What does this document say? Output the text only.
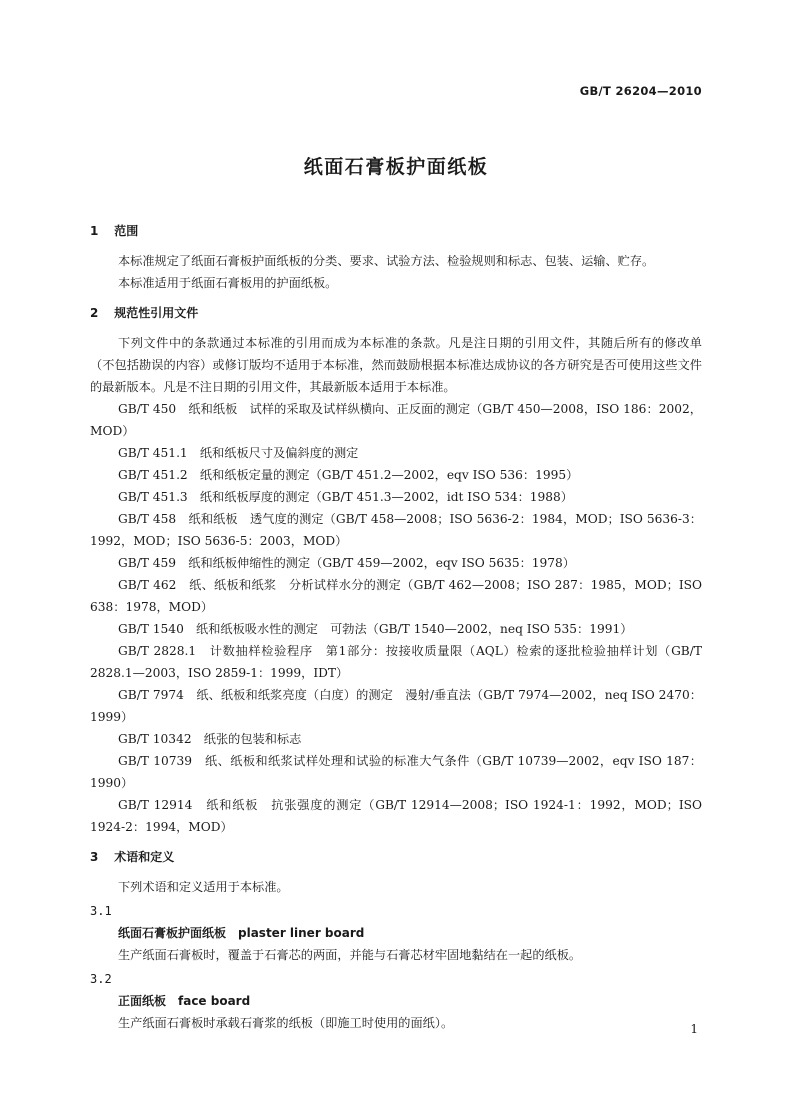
GB/T 26204—2010
纸面石膏板护面纸板
1 范围

本标准规定了纸面石膏板护面纸板的分类、要求、试验方法、检验规则和标志、包装、运输、贮存。

本标准适用于纸面石膏板用的护面纸板。

2 规范性引用文件

下列文件中的条款通过本标准的引用而成为本标准的条款。凡是注日期的引用文件，其随后所有的修改单（不包括勘误的内容）或修订版均不适用于本标准，然而鼓励根据本标准达成协议的各方研究是否可使用这些文件的最新版本。凡是不注日期的引用文件，其最新版本适用于本标准。

GB/T 450　纸和纸板　试样的采取及试样纵横向、正反面的测定（GB/T 450—2008，ISO 186：2002，MOD）

GB/T 451.1　纸和纸板尺寸及偏斜度的测定

GB/T 451.2　纸和纸板定量的测定（GB/T 451.2—2002，eqv ISO 536：1995）

GB/T 451.3　纸和纸板厚度的测定（GB/T 451.3—2002，idt ISO 534：1988）

GB/T 458　纸和纸板　透气度的测定（GB/T 458—2008；ISO 5636-2：1984，MOD；ISO 5636-3：1992，MOD；ISO 5636-5：2003，MOD）

GB/T 459　纸和纸板伸缩性的测定（GB/T 459—2002，eqv ISO 5635：1978）

GB/T 462　纸、纸板和纸浆　分析试样水分的测定（GB/T 462—2008；ISO 287：1985，MOD；ISO 638：1978，MOD）

GB/T 1540　纸和纸板吸水性的测定　可勃法（GB/T 1540—2002，neq ISO 535：1991）

GB/T 2828.1　计数抽样检验程序　第1部分：按接收质量限（AQL）检索的逐批检验抽样计划（GB/T 2828.1—2003，ISO 2859-1：1999，IDT）

GB/T 7974　纸、纸板和纸浆亮度（白度）的测定　漫射/垂直法（GB/T 7974—2002，neq ISO 2470：1999）

GB/T 10342　纸张的包装和标志

GB/T 10739　纸、纸板和纸浆试样处理和试验的标准大气条件（GB/T 10739—2002，eqv ISO 187：1990）

GB/T 12914　纸和纸板　抗张强度的测定（GB/T 12914—2008；ISO 1924-1：1992，MOD；ISO 1924-2：1994，MOD）

3 术语和定义

下列术语和定义适用于本标准。

3.1
纸面石膏板护面纸板　plaster liner board

生产纸面石膏板时，覆盖于石膏芯的两面，并能与石膏芯材牢固地黏结在一起的纸板。

3.2
正面纸板　face board

生产纸面石膏板时承载石膏浆的纸板（即施工时使用的面纸）。	1
